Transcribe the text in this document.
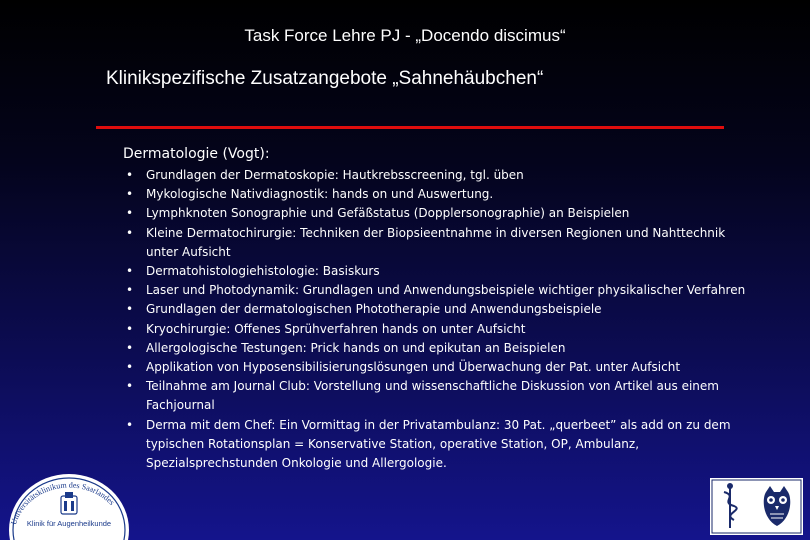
Task Force Lehre PJ - „Docendo discimus“
Klinikspezifische Zusatzangebote „Sahnehäubchen“
Dermatologie (Vogt):
• Grundlagen der Dermatoskopie: Hautkrebsscreening, tgl. üben
• Mykologische Nativdiagnostik: hands on und Auswertung.
• Lymphknoten Sonographie und Gefäßstatus (Dopplersonographie) an Beispielen
• Kleine Dermatochirurgie: Techniken der Biopsieentnahme in diversen Regionen und Nahttechnik unter Aufsicht
• Dermatohistologiehistologie: Basiskurs
• Laser und Photodynamik: Grundlagen und Anwendungsbeispiele wichtiger physikalischer Verfahren
• Grundlagen der dermatologischen Phototherapie und Anwendungsbeispiele
• Kryochirurgie: Offenes Sprühverfahren hands on unter Aufsicht
• Allergologische Testungen: Prick hands on und epikutan an Beispielen
• Applikation von Hyposensibilisierungslösungen und Überwachung der Pat. unter Aufsicht
• Teilnahme am Journal Club: Vorstellung und wissenschaftliche Diskussion von Artikel aus einem Fachjournal
• Derma mit dem Chef: Ein Vormittag in der Privatambulanz: 30 Pat. „querbeet” als add on zu dem typischen Rotationsplan = Konservative Station, operative Station, OP, Ambulanz, Spezialsprechstunden Onkologie und Allergologie.
Universitätsklinikum des Saarlandes
Klinik für Augenheilkunde
